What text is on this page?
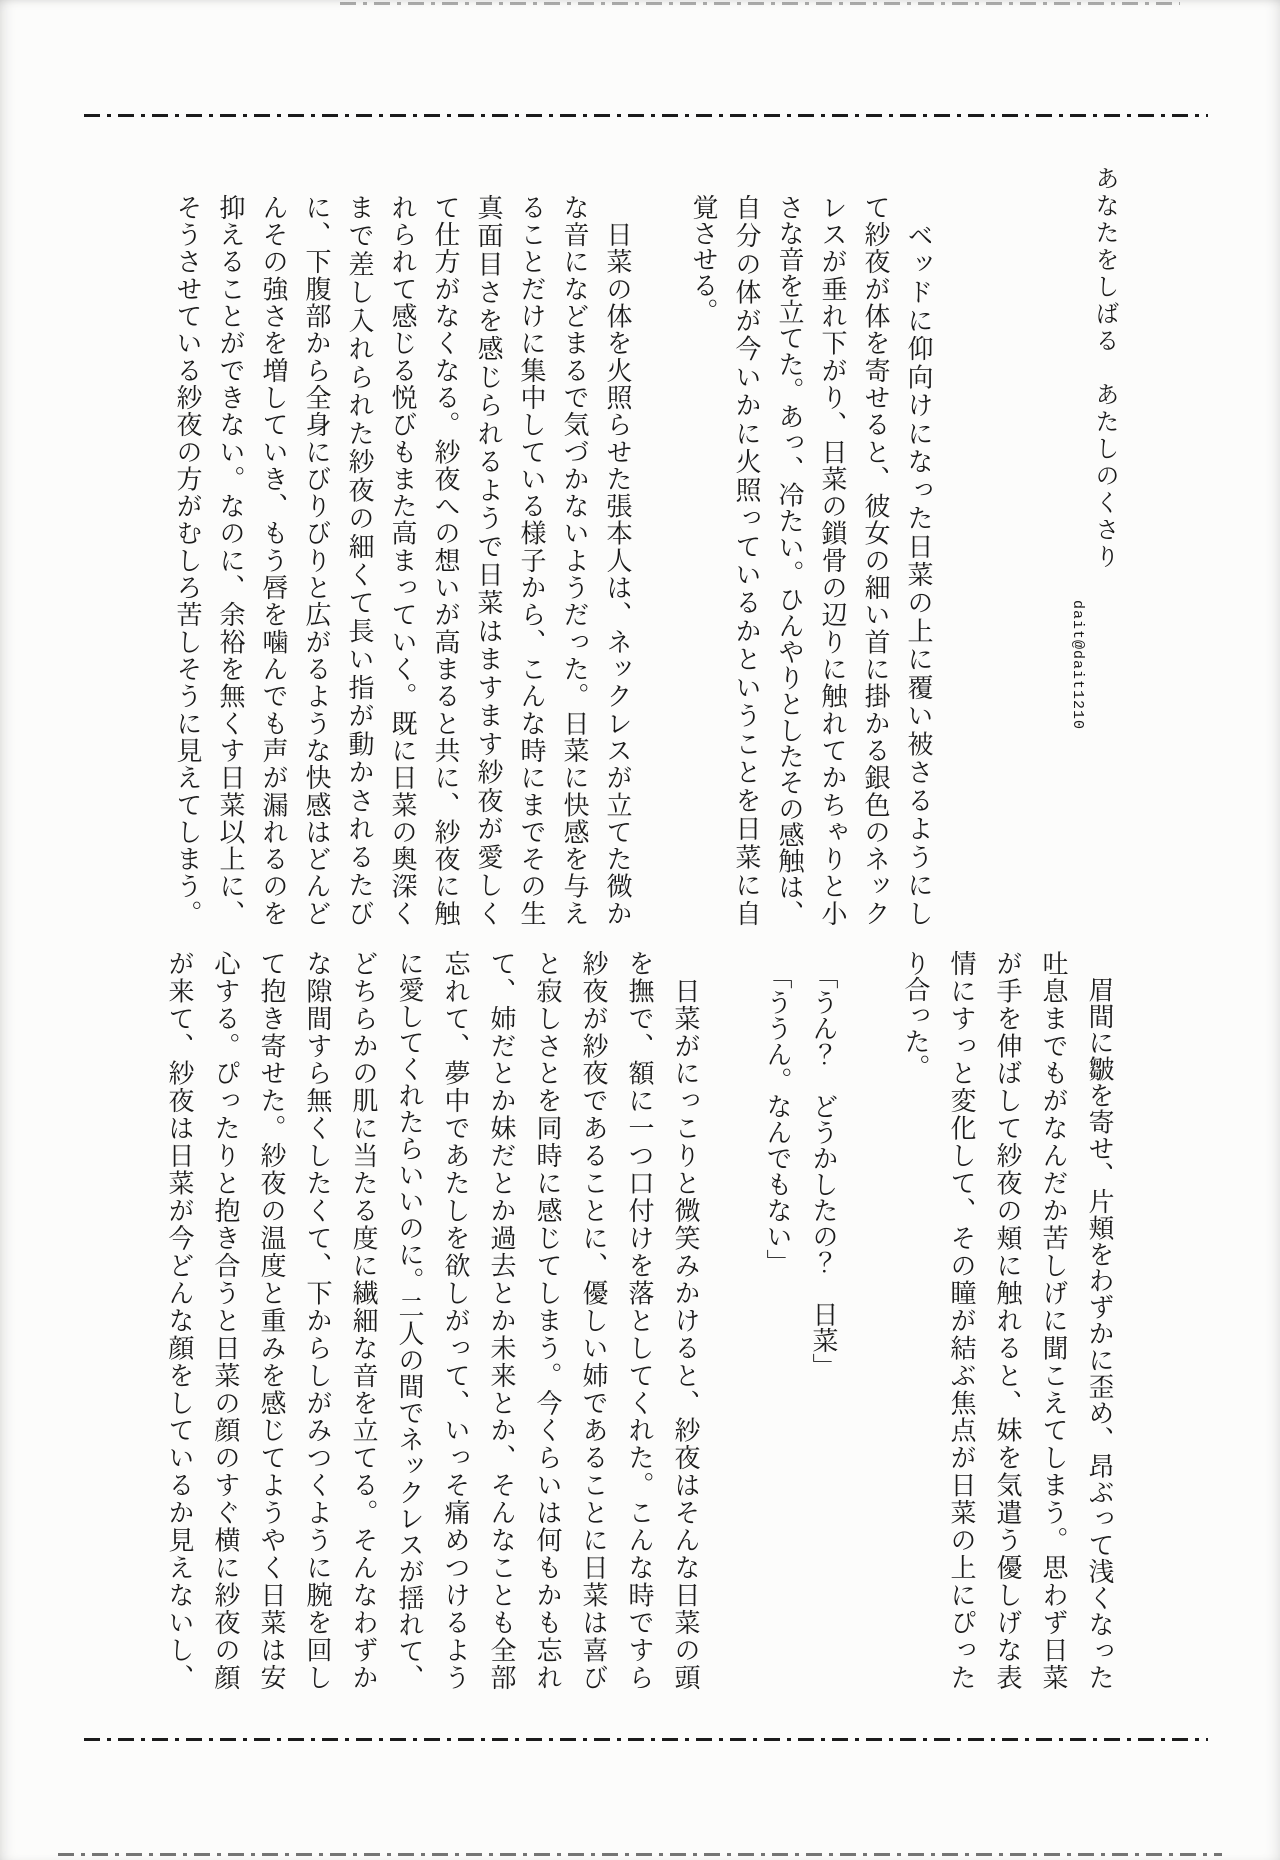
あなたをしばる　あたしのくさり
dait@dait1210
　ベッドに仰向けになった日菜の上に覆い被さるようにし
て紗夜が体を寄せると、彼女の細い首に掛かる銀色のネック
レスが垂れ下がり、日菜の鎖骨の辺りに触れてかちゃりと小
さな音を立てた。あっ、冷たい。ひんやりとしたその感触は、
自分の体が今いかに火照っているかということを日菜に自
覚させる。
　日菜の体を火照らせた張本人は、ネックレスが立てた微か
な音になどまるで気づかないようだった。日菜に快感を与え
ることだけに集中している様子から、こんな時にまでその生
真面目さを感じられるようで日菜はますます紗夜が愛しく
て仕方がなくなる。紗夜への想いが高まると共に、紗夜に触
れられて感じる悦びもまた高まっていく。既に日菜の奥深く
まで差し入れられた紗夜の細くて長い指が動かされるたび
に、下腹部から全身にびりびりと広がるような快感はどんど
んその強さを増していき、もう唇を噛んでも声が漏れるのを
抑えることができない。なのに、余裕を無くす日菜以上に、
そうさせている紗夜の方がむしろ苦しそうに見えてしまう。
　眉間に皺を寄せ、片頬をわずかに歪め、昂ぶって浅くなった
吐息までもがなんだか苦しげに聞こえてしまう。思わず日菜
が手を伸ばして紗夜の頬に触れると、妹を気遣う優しげな表
情にすっと変化して、その瞳が結ぶ焦点が日菜の上にぴった
り合った。
　「うん？　どうかしたの？　日菜」
　「ううん。なんでもない」
　日菜がにっこりと微笑みかけると、紗夜はそんな日菜の頭
を撫で、額に一つ口付けを落としてくれた。こんな時ですら
紗夜が紗夜であることに、優しい姉であることに日菜は喜び
と寂しさとを同時に感じてしまう。今くらいは何もかも忘れ
て、姉だとか妹だとか過去とか未来とか、そんなことも全部
忘れて、夢中であたしを欲しがって、いっそ痛めつけるよう
に愛してくれたらいいのに。二人の間でネックレスが揺れて、
どちらかの肌に当たる度に繊細な音を立てる。そんなわずか
な隙間すら無くしたくて、下からしがみつくように腕を回し
て抱き寄せた。紗夜の温度と重みを感じてようやく日菜は安
心する。ぴったりと抱き合うと日菜の顔のすぐ横に紗夜の顔
が来て、紗夜は日菜が今どんな顔をしているか見えないし、
